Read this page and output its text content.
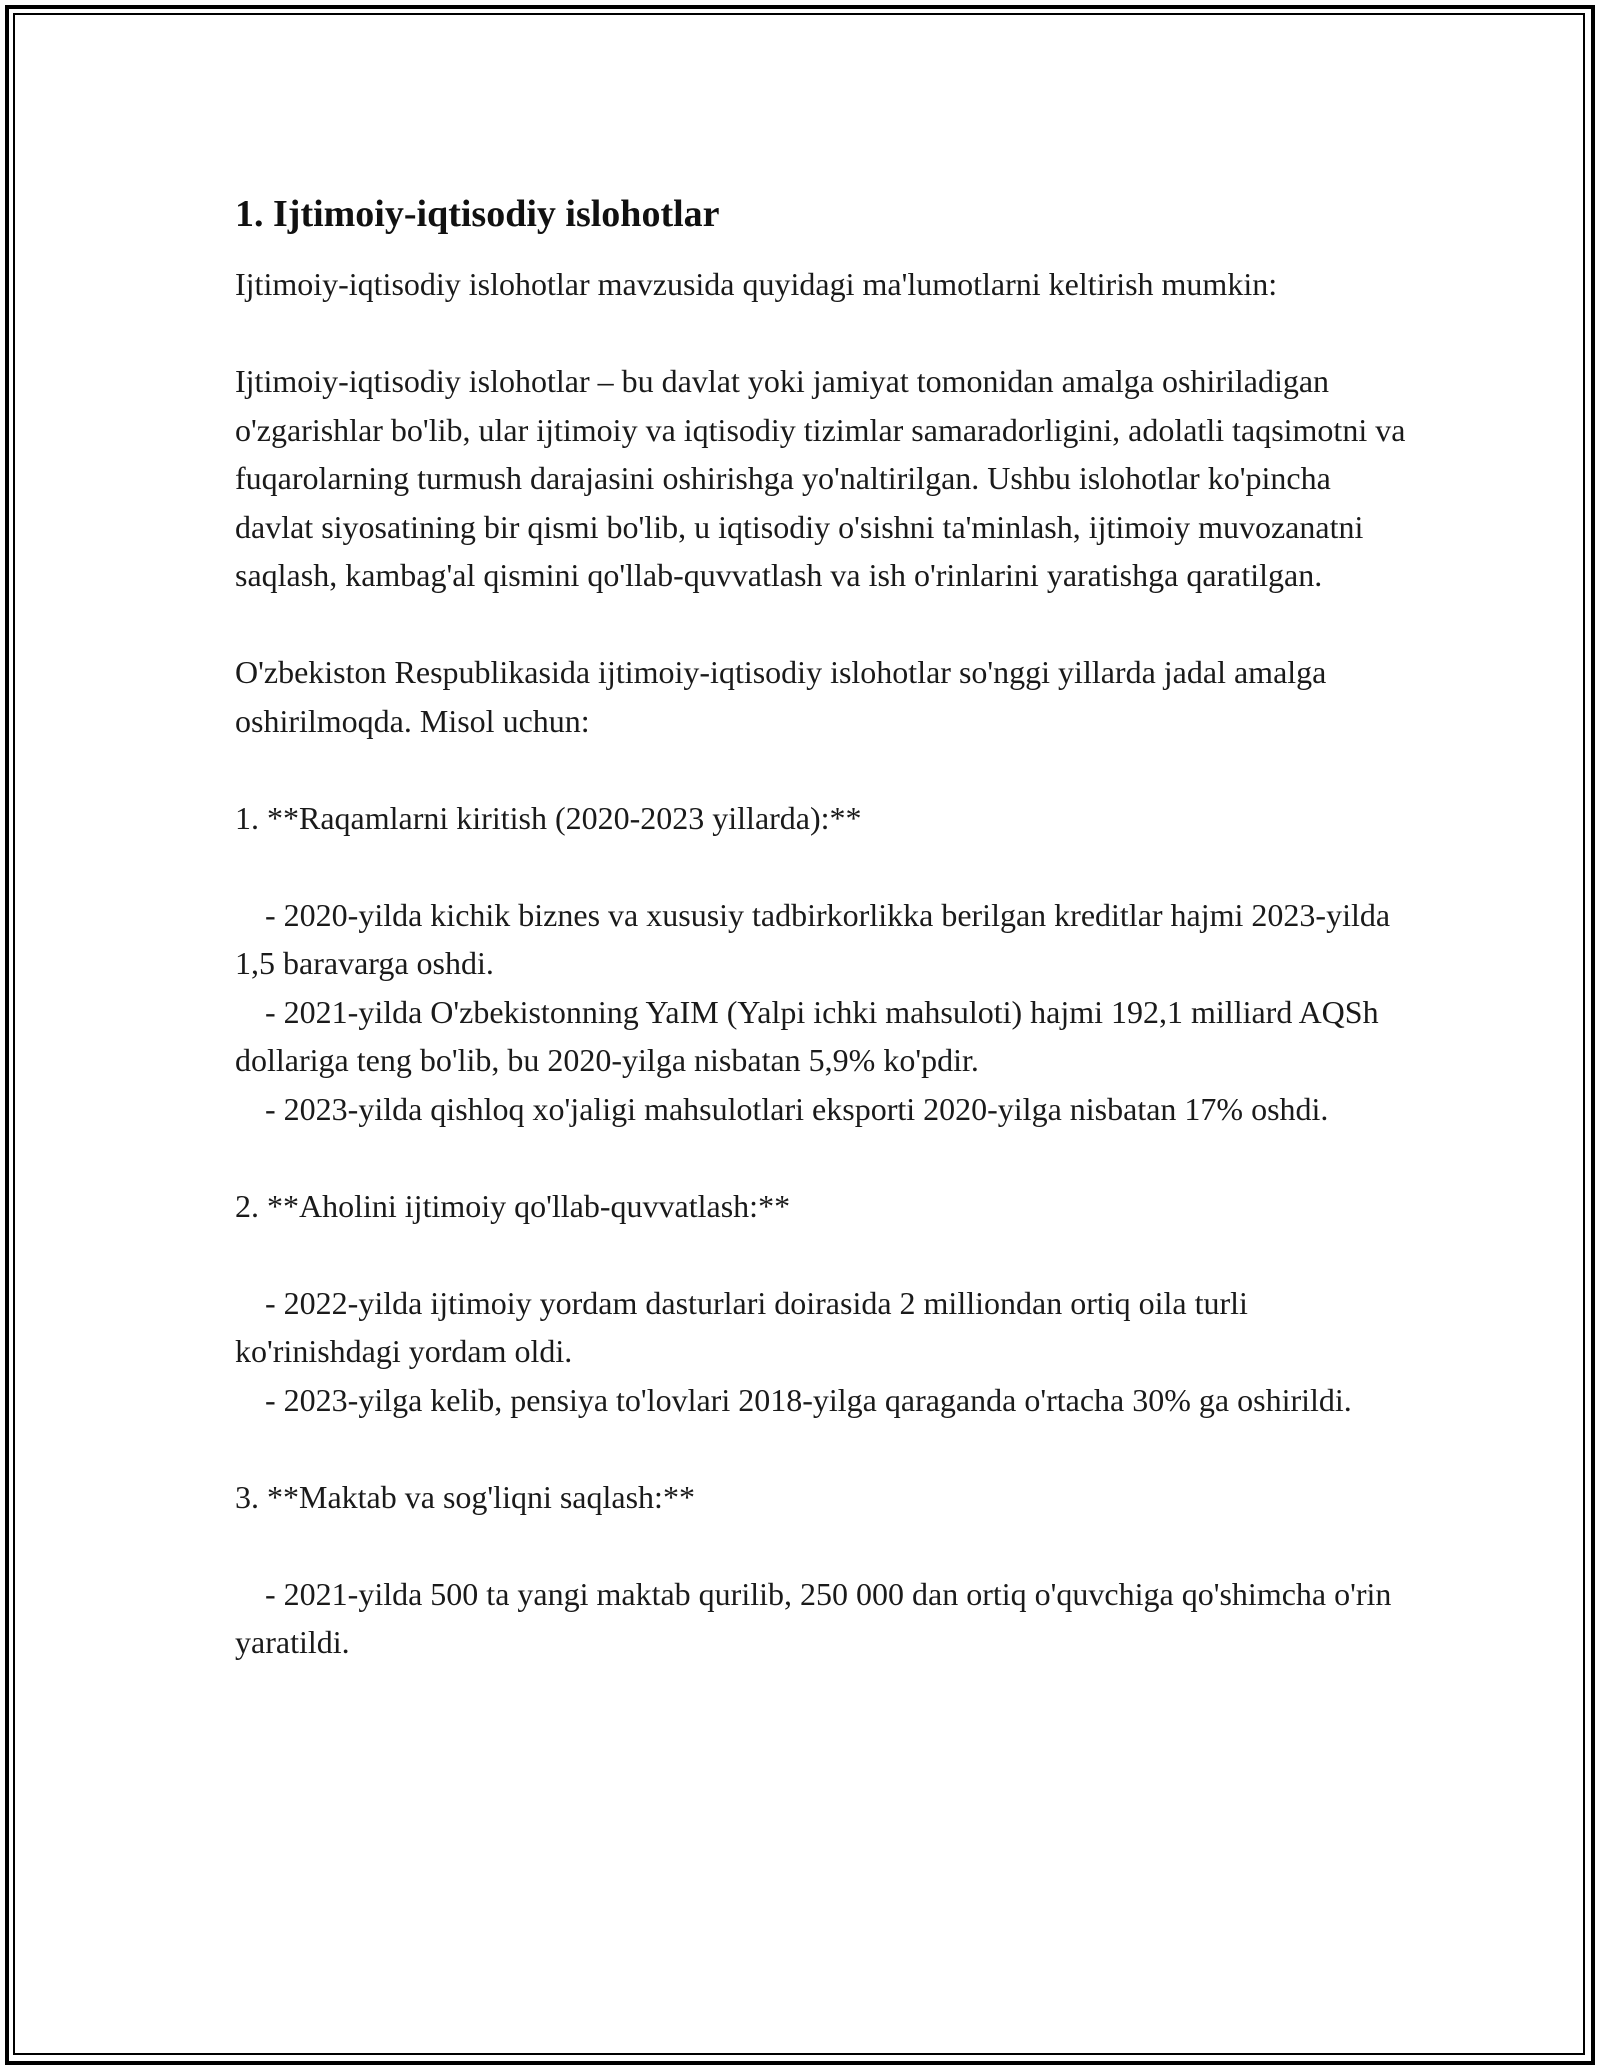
1. Ijtimoiy-iqtisodiy islohotlar

Ijtimoiy-iqtisodiy islohotlar mavzusida quyidagi ma'lumotlarni keltirish mumkin:

Ijtimoiy-iqtisodiy islohotlar – bu davlat yoki jamiyat tomonidan amalga oshiriladigan o'zgarishlar bo'lib, ular ijtimoiy va iqtisodiy tizimlar samaradorligini, adolatli taqsimotni va fuqarolarning turmush darajasini oshirishga yo'naltirilgan. Ushbu islohotlar ko'pincha davlat siyosatining bir qismi bo'lib, u iqtisodiy o'sishni ta'minlash, ijtimoiy muvozanatni saqlash, kambag'al qismini qo'llab-quvvatlash va ish o'rinlarini yaratishga qaratilgan.

O'zbekiston Respublikasida ijtimoiy-iqtisodiy islohotlar so'nggi yillarda jadal amalga oshirilmoqda. Misol uchun:

1. **Raqamlarni kiritish (2020-2023 yillarda):**

- 2020-yilda kichik biznes va xususiy tadbirkorlikka berilgan kreditlar hajmi 2023-yilda 1,5 baravarga oshdi.

- 2021-yilda O'zbekistonning YaIM (Yalpi ichki mahsuloti) hajmi 192,1 milliard AQSh dollariga teng bo'lib, bu 2020-yilga nisbatan 5,9% ko'pdir.

- 2023-yilda qishloq xo'jaligi mahsulotlari eksporti 2020-yilga nisbatan 17% oshdi.

2. **Aholini ijtimoiy qo'llab-quvvatlash:**

- 2022-yilda ijtimoiy yordam dasturlari doirasida 2 milliondan ortiq oila turli ko'rinishdagi yordam oldi.

- 2023-yilga kelib, pensiya to'lovlari 2018-yilga qaraganda o'rtacha 30% ga oshirildi.

3. **Maktab va sog'liqni saqlash:**

- 2021-yilda 500 ta yangi maktab qurilib, 250 000 dan ortiq o'quvchiga qo'shimcha o'rin yaratildi.
